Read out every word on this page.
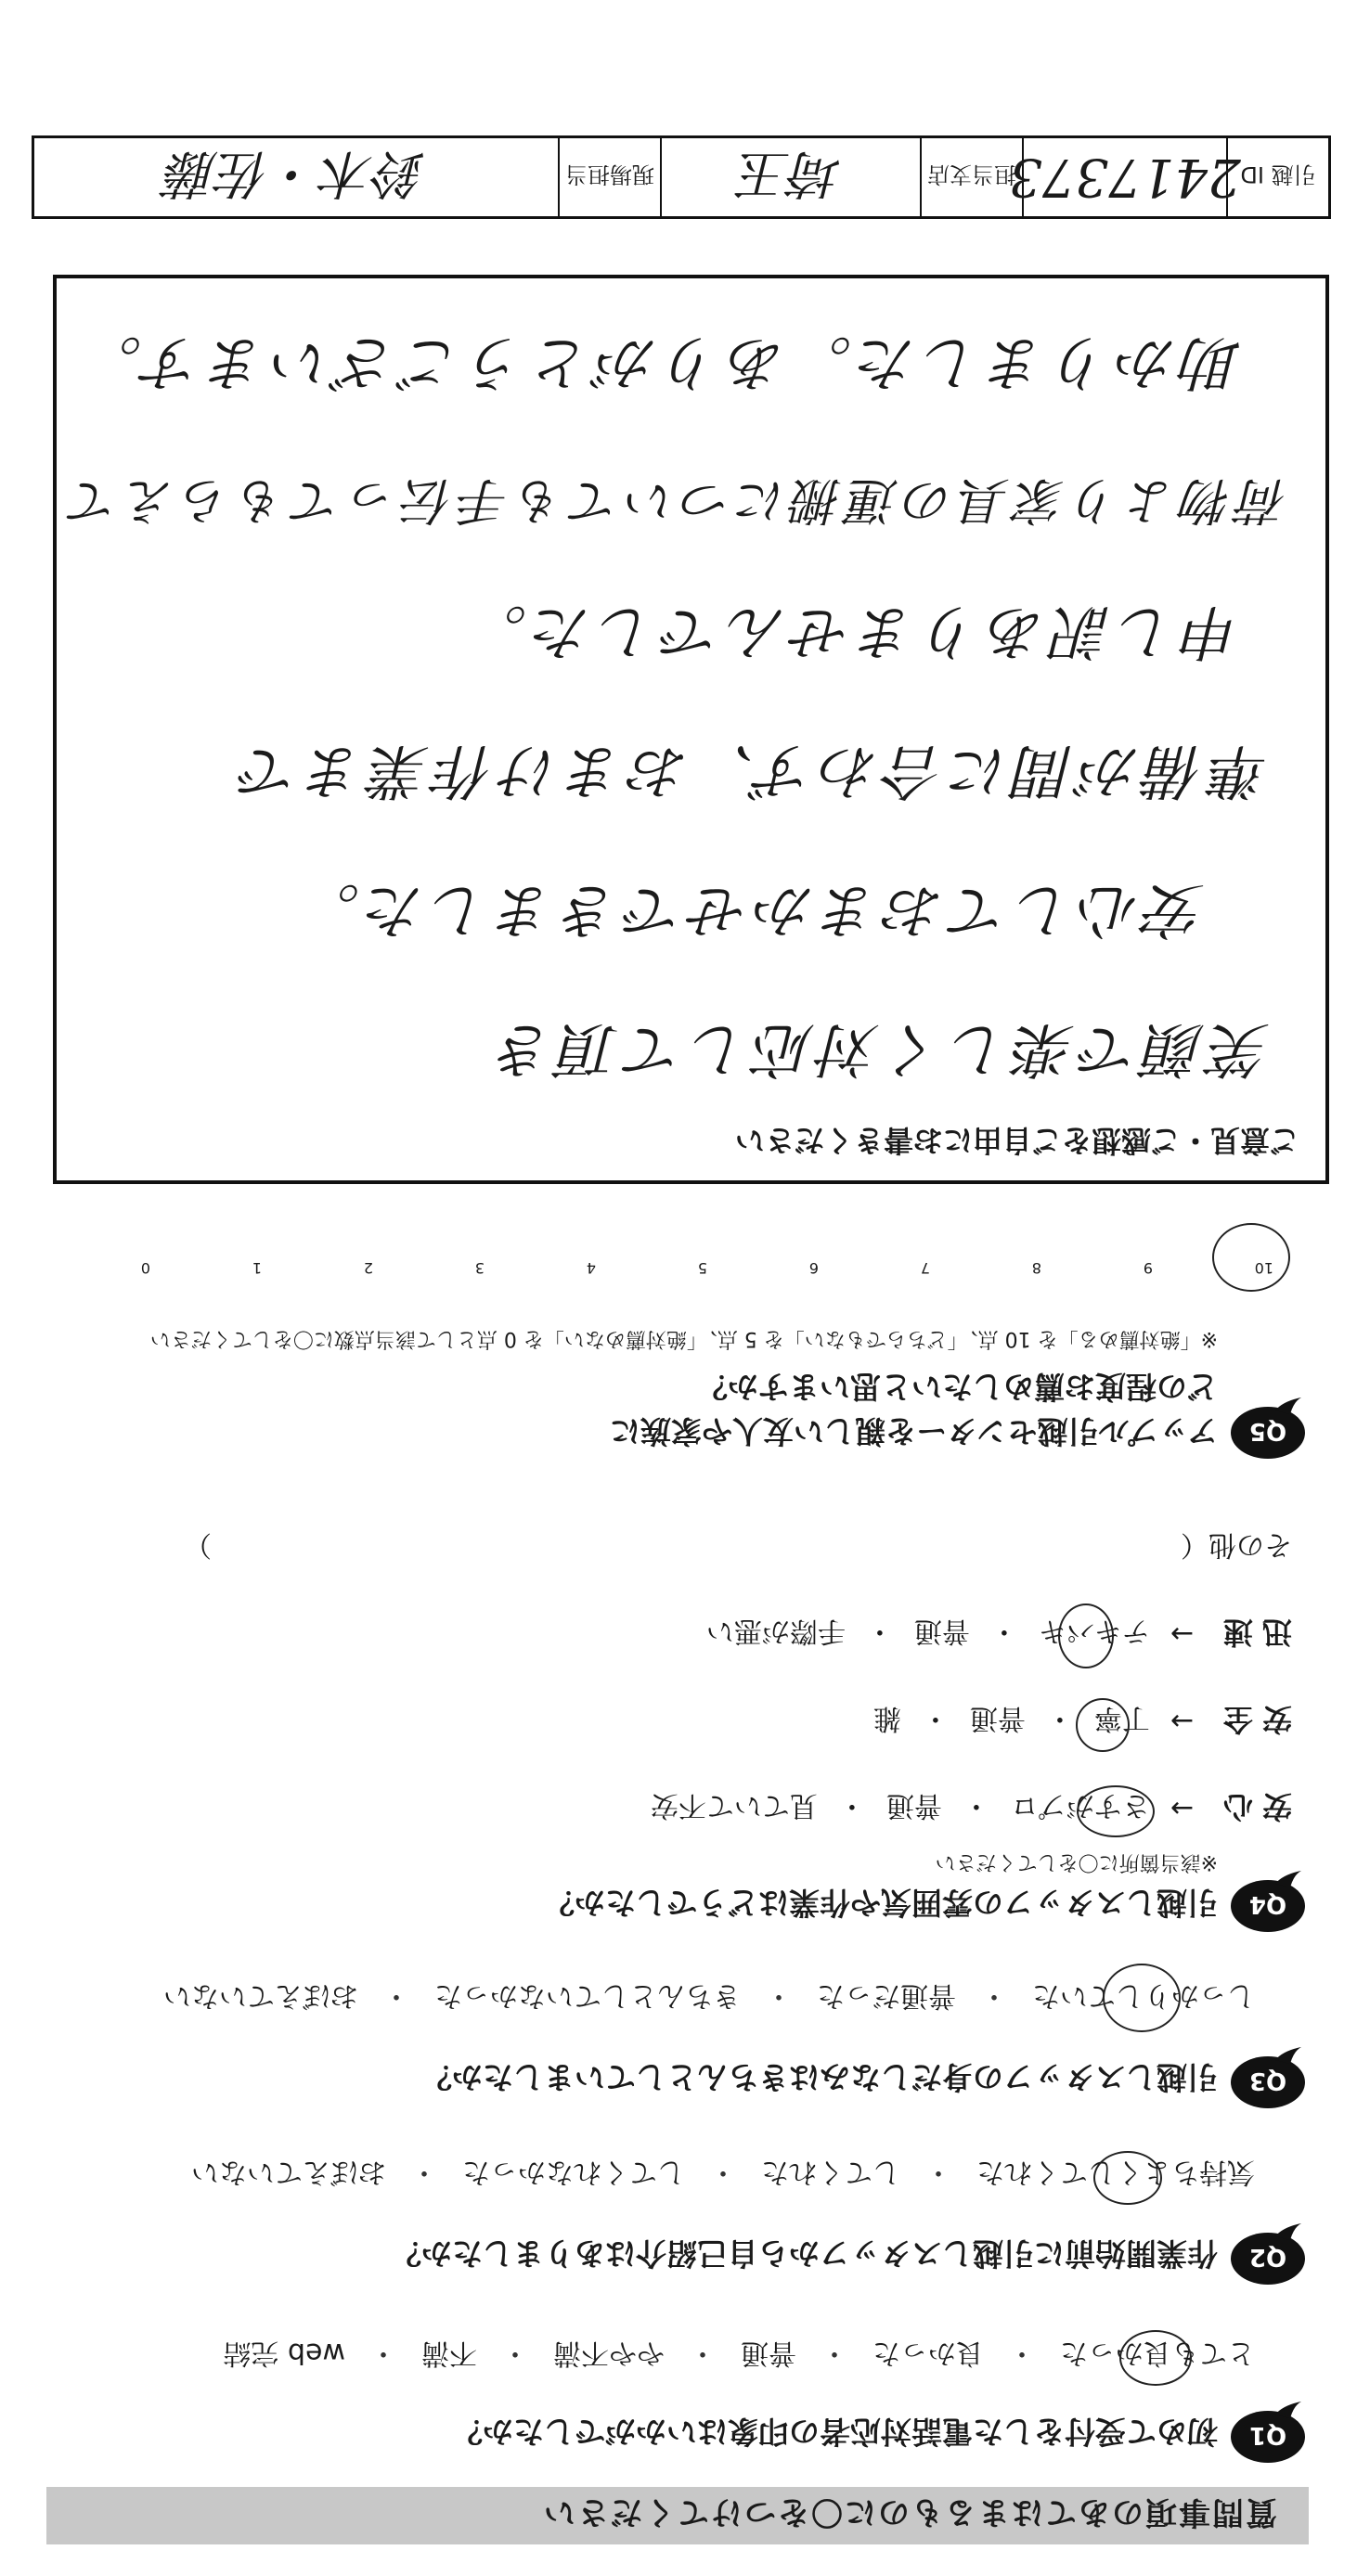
質問事項のあてはまるものに〇をつけてください
Q1
初めて受付をした電話対応者の印象はいかがでしたか？
とても良かった
・
良かった
・
普通
・
やや不満
・
不満
・
web 完結
Q2
作業開始前に引越しスタッフから自己紹介はありましたか？
気持ちよくしてくれた
・
してくれた
・
してくれなかった
・
おぼえていない
Q3
引越しスタッフの身だしなみはきちんとしていましたか？
しっかりしていた
・
普通だった
・
きちんとしていなかった
・
おぼえていない
Q4
引越しスタッフの雰囲気や作業はどうでしたか？
※該当箇所に〇をしてください
安心
→
さすがプロ
・
普通
・
見ていて不安
安全
→
丁寧
・
普通
・
雑
迅速
→
テキパキ
・
普通
・
手際が悪い
その他（
）
Q5
アップル引越センターを親しい友人や家族に
どの程度お薦めしたいと思いますか？
※「絶対薦める」を 10 点、「どちらでもない」を 5 点、「絶対薦めない」を 0 点として該当点数に〇をしてください
10
9
8
7
6
5
4
3
2
1
0
ご意見・ご感想をご自由にお書きください
笑顔で楽しく対応して頂き
安心しておまかせできました。
準備が間に合わず、おまけ作業まで
申し訳ありませんでした。
荷物より家具の運搬についても手伝ってもらえて
助かりました。ありがとうございます。
引越 ID
2417373
担当支店
埼玉
現場担当
鈴木・佐藤
